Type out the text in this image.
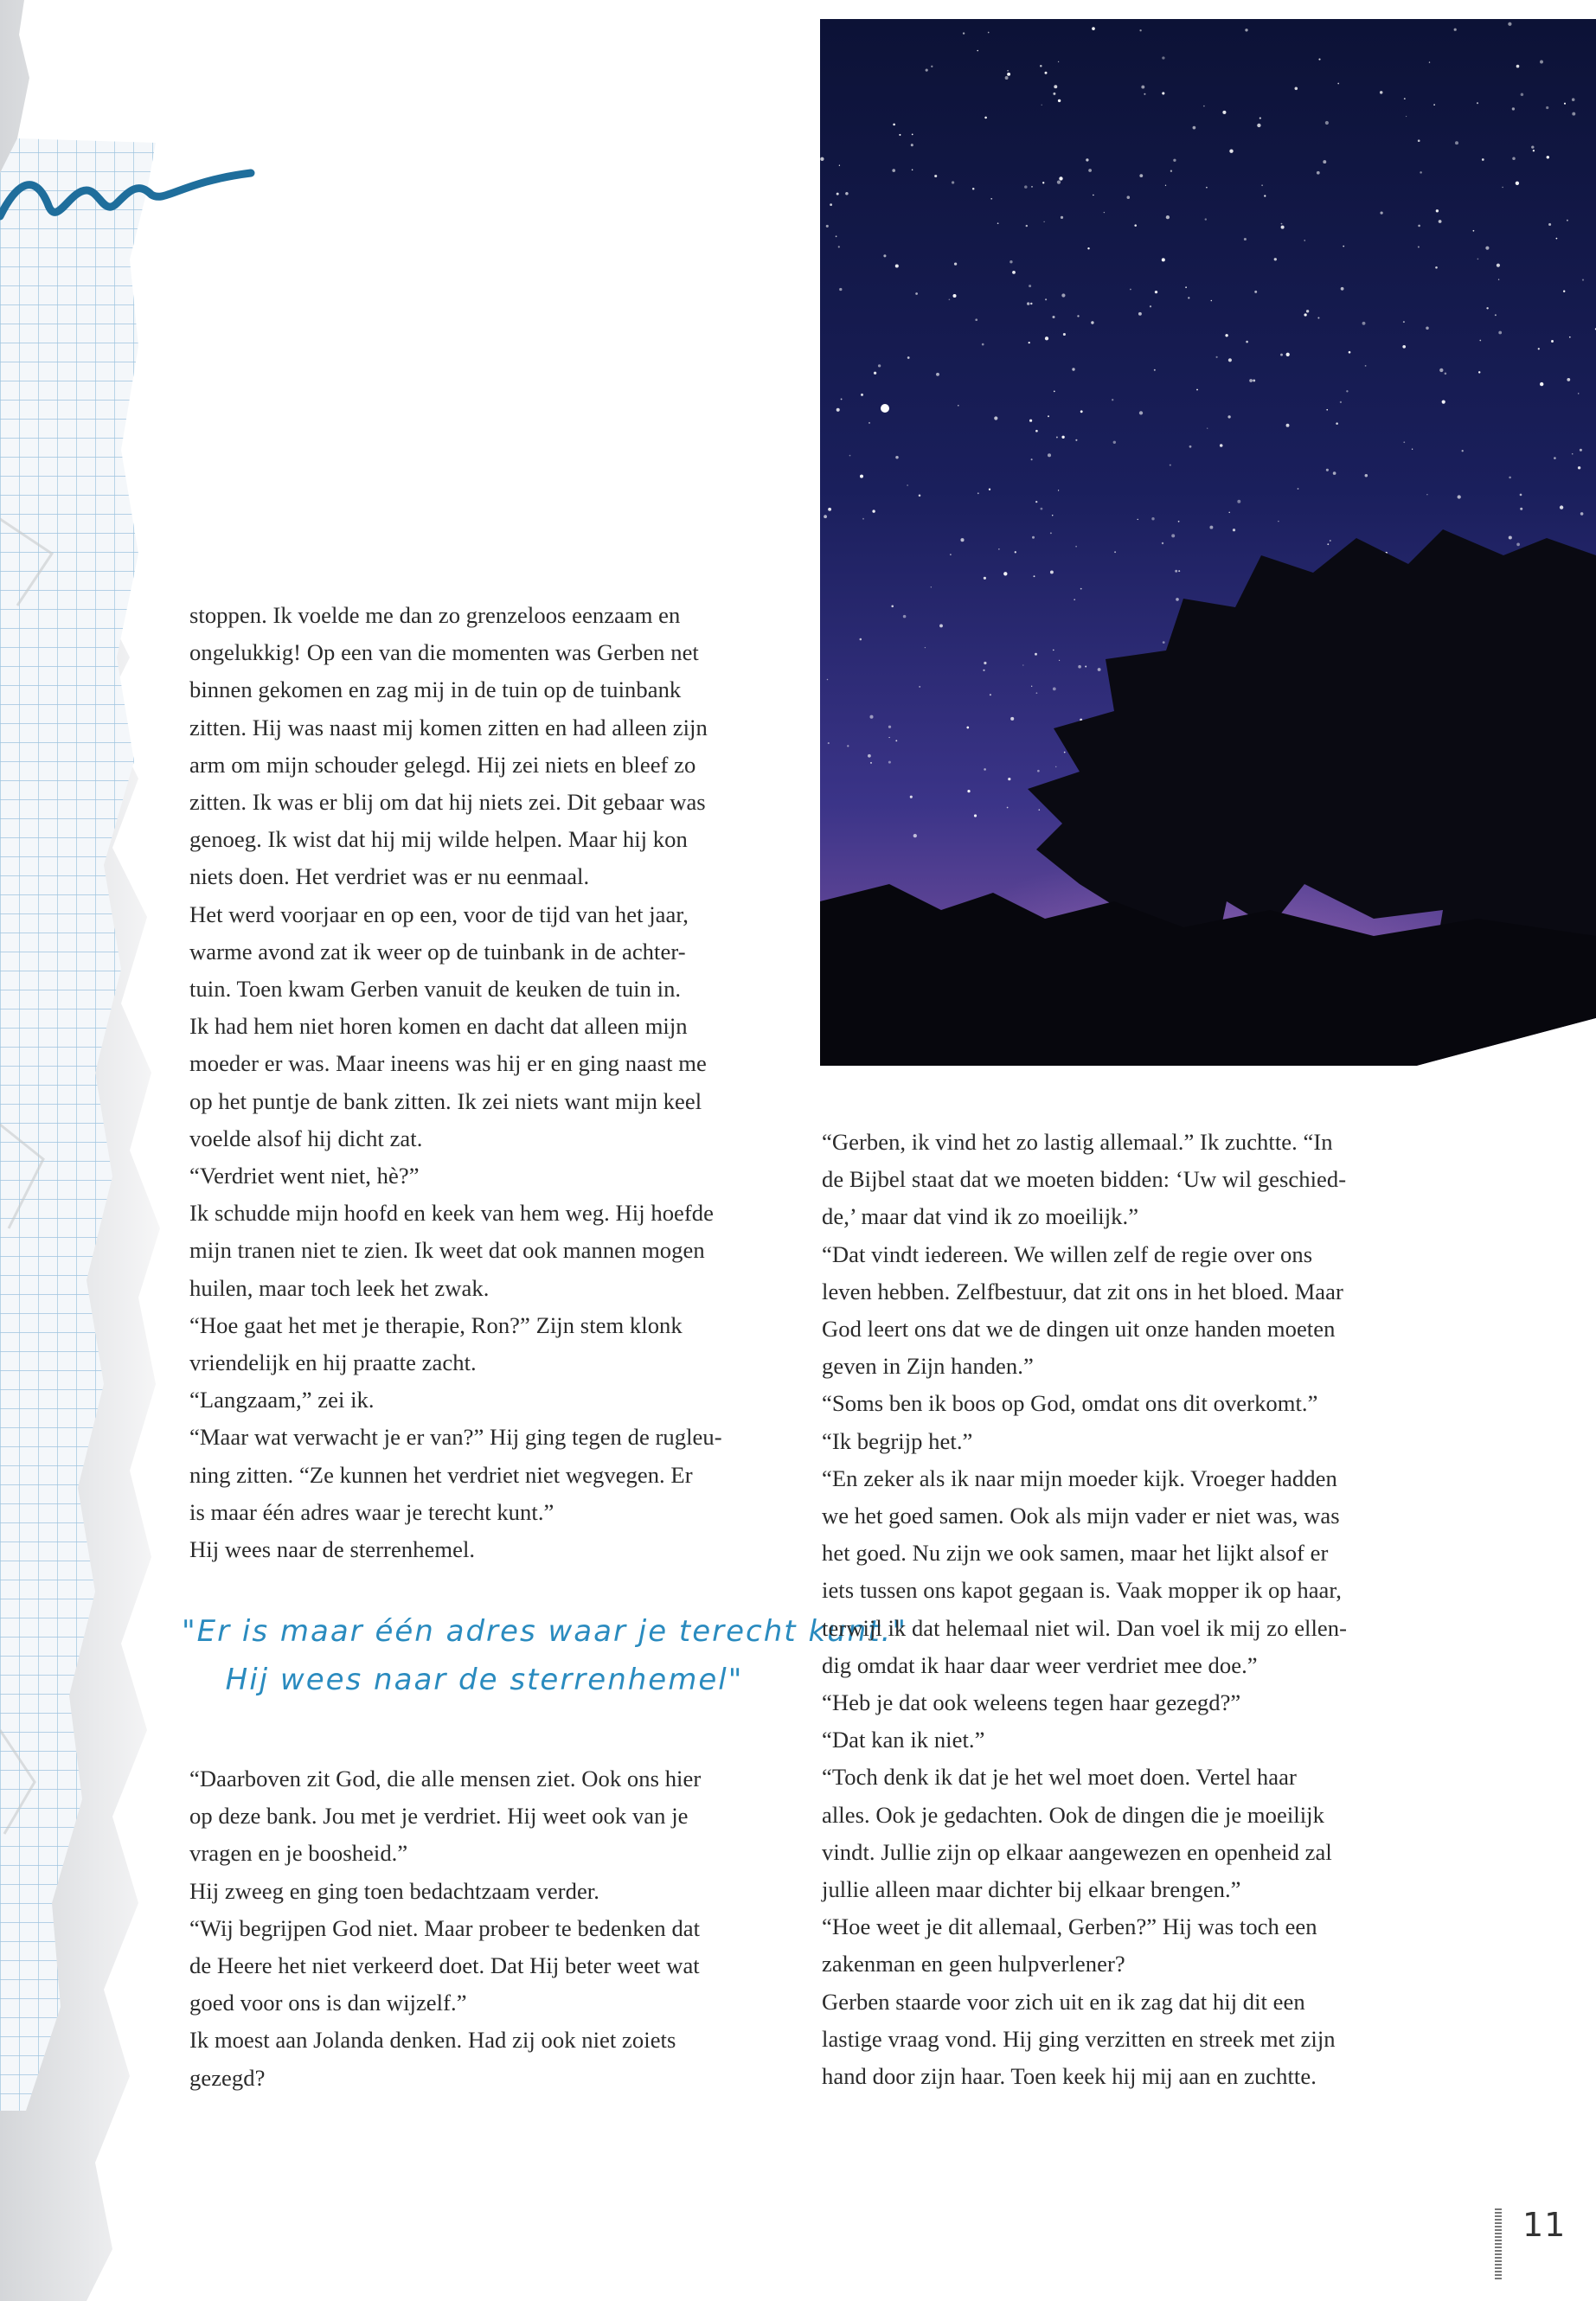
stoppen. Ik voelde me dan zo grenzeloos eenzaam en

ongelukkig! Op een van die momenten was Gerben net

binnen gekomen en zag mij in de tuin op de tuinbank

zitten. Hij was naast mij komen zitten en had alleen zijn

arm om mijn schouder gelegd. Hij zei niets en bleef zo

zitten. Ik was er blij om dat hij niets zei. Dit gebaar was

genoeg. Ik wist dat hij mij wilde helpen. Maar hij kon

niets doen. Het verdriet was er nu eenmaal.

Het werd voorjaar en op een, voor de tijd van het jaar,

warme avond zat ik weer op de tuinbank in de achter-

tuin. Toen kwam Gerben vanuit de keuken de tuin in.

Ik had hem niet horen komen en dacht dat alleen mijn

moeder er was. Maar ineens was hij er en ging naast me

op het puntje de bank zitten. Ik zei niets want mijn keel

voelde alsof hij dicht zat.

“Verdriet went niet, hè?”

Ik schudde mijn hoofd en keek van hem weg. Hij hoefde

mijn tranen niet te zien. Ik weet dat ook mannen mogen

huilen, maar toch leek het zwak.

“Hoe gaat het met je therapie, Ron?” Zijn stem klonk

vriendelijk en hij praatte zacht.

“Langzaam,” zei ik.

“Maar wat verwacht je er van?” Hij ging tegen de rugleu-

ning zitten. “Ze kunnen het verdriet niet wegvegen. Er

is maar één adres waar je terecht kunt.”

Hij wees naar de sterrenhemel.

"Er is maar één adres waar je terecht kunt."

Hij wees naar de sterrenhemel"

“Daarboven zit God, die alle mensen ziet. Ook ons hier

op deze bank. Jou met je verdriet. Hij weet ook van je

vragen en je boosheid.”

Hij zweeg en ging toen bedachtzaam verder.

“Wij begrijpen God niet. Maar probeer te bedenken dat

de Heere het niet verkeerd doet. Dat Hij beter weet wat

goed voor ons is dan wijzelf.”

Ik moest aan Jolanda denken. Had zij ook niet zoiets

gezegd?

“Gerben, ik vind het zo lastig allemaal.” Ik zuchtte. “In

de Bijbel staat dat we moeten bidden: ‘Uw wil geschied-

de,’ maar dat vind ik zo moeilijk.”

“Dat vindt iedereen. We willen zelf de regie over ons

leven hebben. Zelfbestuur, dat zit ons in het bloed. Maar

God leert ons dat we de dingen uit onze handen moeten

geven in Zijn handen.”

“Soms ben ik boos op God, omdat ons dit overkomt.”

“Ik begrijp het.”

“En zeker als ik naar mijn moeder kijk. Vroeger hadden

we het goed samen. Ook als mijn vader er niet was, was

het goed. Nu zijn we ook samen, maar het lijkt alsof er

iets tussen ons kapot gegaan is. Vaak mopper ik op haar,

terwijl ik dat helemaal niet wil. Dan voel ik mij zo ellen-

dig omdat ik haar daar weer verdriet mee doe.”

“Heb je dat ook weleens tegen haar gezegd?”

“Dat kan ik niet.”

“Toch denk ik dat je het wel moet doen. Vertel haar

alles. Ook je gedachten. Ook de dingen die je moeilijk

vindt. Jullie zijn op elkaar aangewezen en openheid zal

jullie alleen maar dichter bij elkaar brengen.”

“Hoe weet je dit allemaal, Gerben?” Hij was toch een

zakenman en geen hulpverlener?

Gerben staarde voor zich uit en ik zag dat hij dit een

lastige vraag vond. Hij ging verzitten en streek met zijn

hand door zijn haar. Toen keek hij mij aan en zuchtte.

11
